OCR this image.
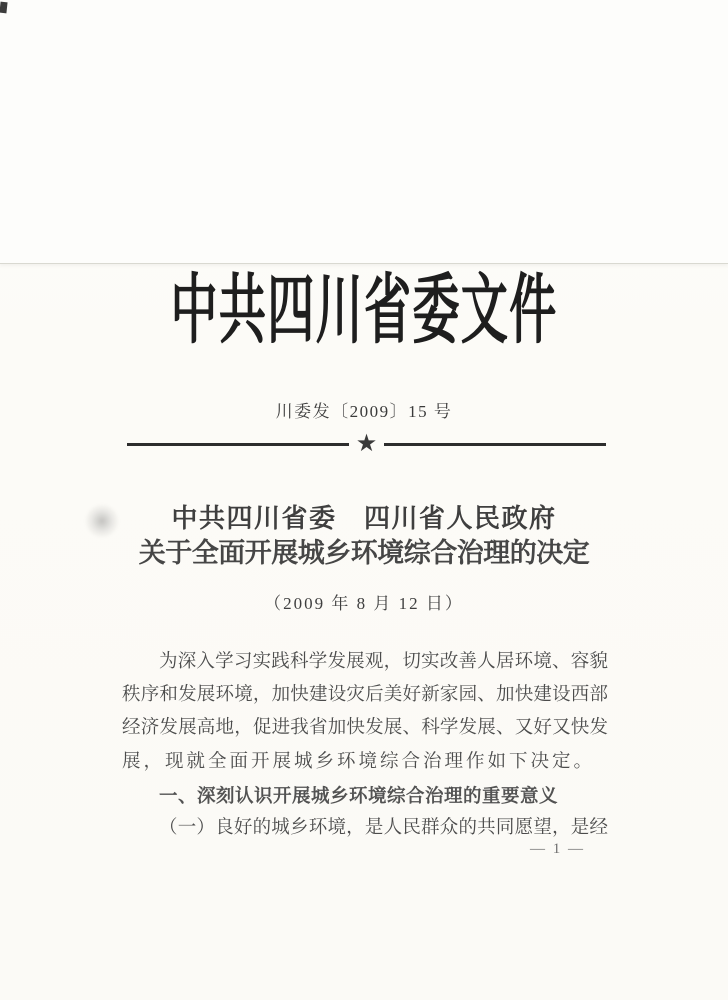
中共四川省委文件
川委发〔2009〕15 号
★
中共四川省委　四川省人民政府
关于全面开展城乡环境综合治理的决定
（2009 年 8 月 12 日）
为深入学习实践科学发展观，切实改善人居环境、容貌
秩序和发展环境，加快建设灾后美好新家园、加快建设西部
经济发展高地，促进我省加快发展、科学发展、又好又快发
展，现就全面开展城乡环境综合治理作如下决定。
一、深刻认识开展城乡环境综合治理的重要意义
（一）良好的城乡环境，是人民群众的共同愿望，是经
— 1 —
